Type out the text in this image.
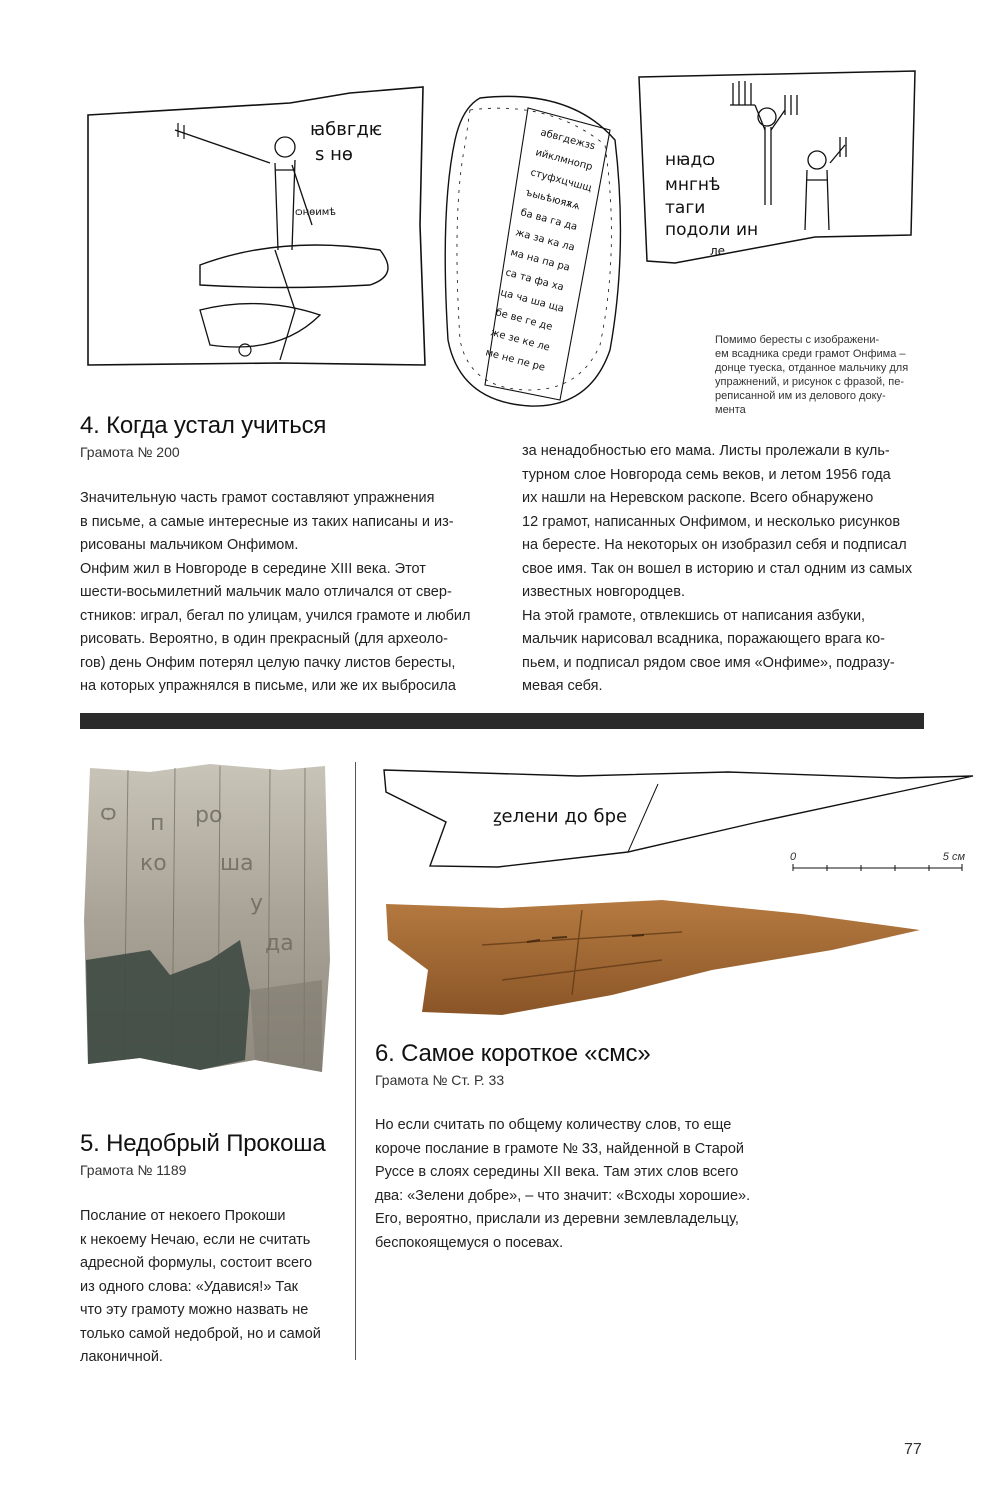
ꙗбвгдѥ
ѕ нѳ
ѻнѳимѣ
абвгдежзѕ
ийклмнопр
стуфхцчшщ
ъыьѣюяѫѧ
ба ва га да
жа за ка ла
ма на па ра
са та фа ха
ца ча ша ща
бе ве ге де
же зе ке ле
ме не пе ре
нꙗдѻ
мнгнѣ
таги
подоли ин
ле
Помимо бересты с изображени-
ем всадника среди грамот Онфима –
донце туеска, отданное мальчику для
упражнений, и рисунок с фразой, пе-
реписанной им из делового доку-
мента
4. Когда устал учиться
Грамота № 200

Значительную часть грамот составляют упражнения

в письме, а самые интересные из таких написаны и из-

рисованы мальчиком Онфимом.

Онфим жил в Новгороде в середине XIII века. Этот

шести-восьмилетний мальчик мало отличался от свер-

стников: играл, бегал по улицам, учился грамоте и любил

рисовать. Вероятно, в один прекрасный (для археоло-

гов) день Онфим потерял целую пачку листов бересты,

на которых упражнялся в письме, или же их выбросила

за ненадобностью его мама. Листы пролежали в куль-

турном слое Новгорода семь веков, и летом 1956 года

их нашли на Неревском раскопе. Всего обнаружено

12 грамот, написанных Онфимом, и несколько рисунков

на бересте. На некоторых он изобразил себя и подписал

свое имя. Так он вошел в историю и стал одним из самых

известных новгородцев.

На этой грамоте, отвлекшись от написания азбуки,

мальчик нарисовал всадника, поражающего врага ко-

пьем, и подписал рядом свое имя «Онфиме», подразу-

мевая себя.

ѻ п ро
ко ша
у
да
5. Недобрый Прокоша
Грамота № 1189

Послание от некоего Прокоши

к некоему Нечаю, если не считать

адресной формулы, состоит всего

из одного слова: «Удавися!» Так

что эту грамоту можно назвать не

только самой недоброй, но и самой

лаконичной.

ꙁелени до бре
0	5 см
6. Самое короткое «смс»
Грамота № Ст. Р. 33

Но если считать по общему количеству слов, то еще

короче послание в грамоте № 33, найденной в Старой

Руссе в слоях середины XII века. Там этих слов всего

два: «Зелени добре», – что значит: «Всходы хорошие».

Его, вероятно, прислали из деревни землевладельцу,

беспокоящемуся о посевах.

77
